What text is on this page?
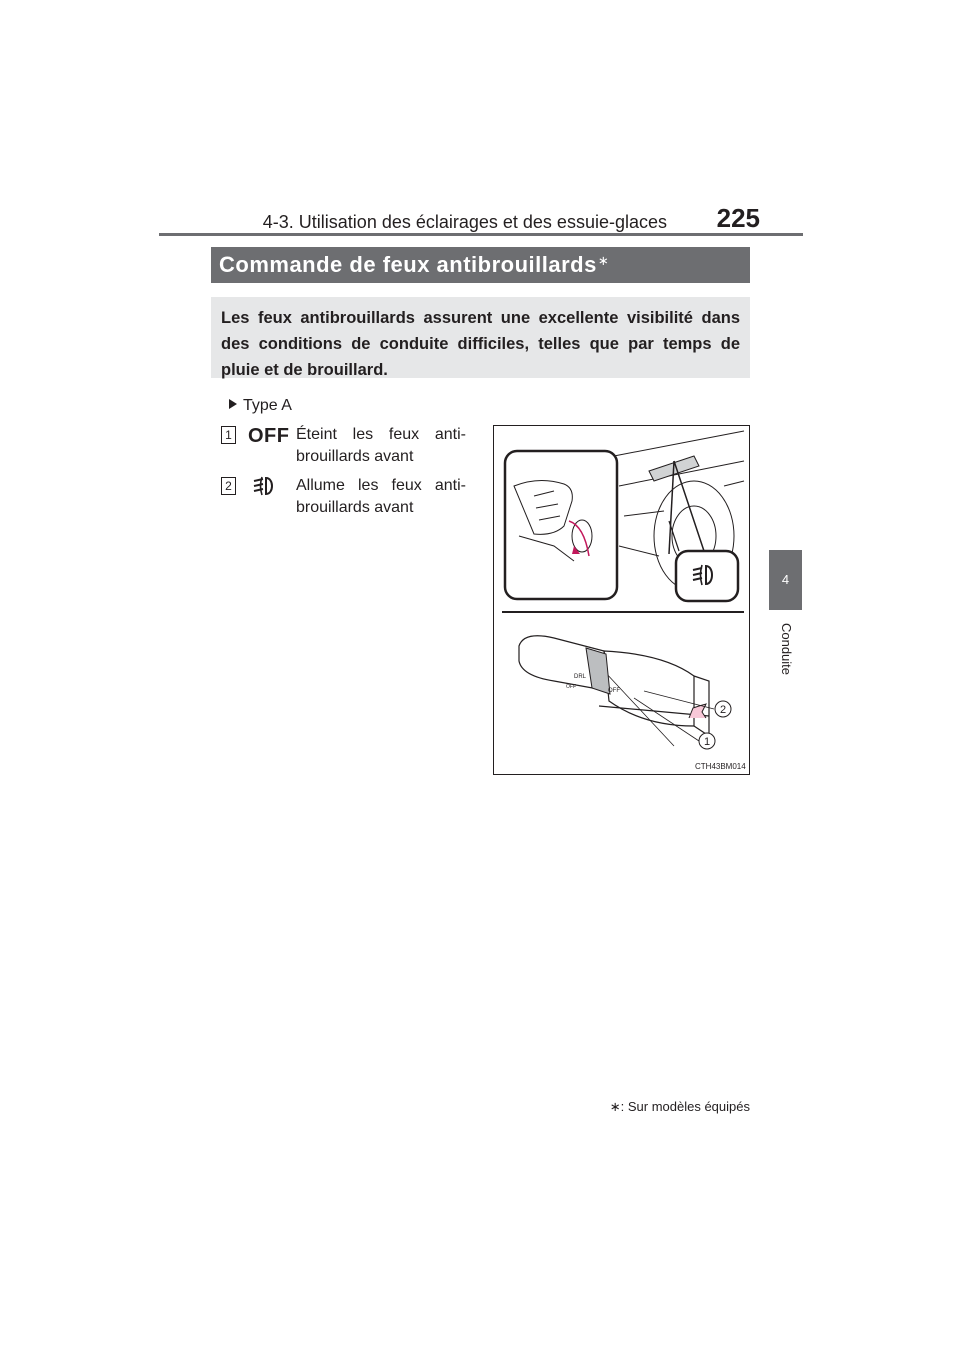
4-3. Utilisation des éclairages et des essuie-glaces	225
4
Conduite
Commande de feux antibrouillards∗
Les feux antibrouillards assurent une excellente visibilité dans des conditions de conduite difficiles, telles que par temps de pluie et de brouillard.
Type A
1 OFF Éteint les feux anti-
brouillards avant
2	Allume les feux anti-
brouillards avant
DRL
OFF
OFF
2
1
CTH43BM014
∗: Sur modèles équipés
